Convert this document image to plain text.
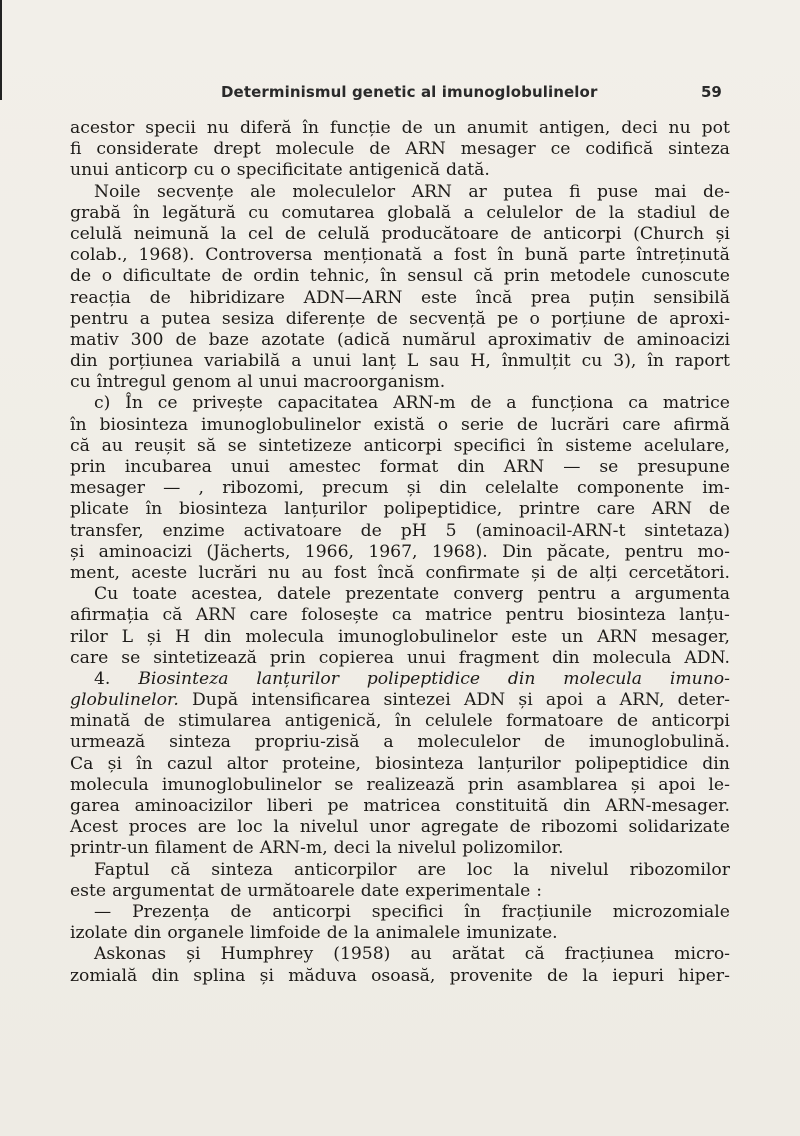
Determinismul genetic al imunoglobulinelor	59
acestor specii nu diferă în funcție de un anumit antigen, deci nu pot
fi considerate drept molecule de ARN mesager ce codifică sinteza
unui anticorp cu o specificitate antigenică dată.
Noile secvențe ale moleculelor ARN ar putea fi puse mai de-
grabă în legătură cu comutarea globală a celulelor de la stadiul de
celulă neimună la cel de celulă producătoare de anticorpi (Church și
colab., 1968). Controversa menționată a fost în bună parte întreținută
de o dificultate de ordin tehnic, în sensul că prin metodele cunoscute
reacția de hibridizare ADN—ARN este încă prea puțin sensibilă
pentru a putea sesiza diferențe de secvență pe o porțiune de aproxi-
mativ 300 de baze azotate (adică numărul aproximativ de aminoacizi
din porțiunea variabilă a unui lanț L sau H, înmulțit cu 3), în raport
cu întregul genom al unui macroorganism.
c) În ce privește capacitatea ARN-m de a funcționa ca matrice
în biosinteza imunoglobulinelor există o serie de lucrări care afirmă
că au reușit să se sintetizeze anticorpi specifici în sisteme acelulare,
prin incubarea unui amestec format din ARN — se presupune
mesager — , ribozomi, precum și din celelalte componente im-
plicate în biosinteza lanțurilor polipeptidice, printre care ARN de
transfer, enzime activatoare de pH 5 (aminoacil-ARN-t sintetaza)
și aminoacizi (Jächerts, 1966, 1967, 1968). Din păcate, pentru mo-
ment, aceste lucrări nu au fost încă confirmate și de alți cercetători.
Cu toate acestea, datele prezentate converg pentru a argumenta
afirmația că ARN care folosește ca matrice pentru biosinteza lanțu-
rilor L și H din molecula imunoglobulinelor este un ARN mesager,
care se sintetizează prin copierea unui fragment din molecula ADN.
4. Biosinteza lanțurilor polipeptidice din molecula imuno-
globulinelor. După intensificarea sintezei ADN și apoi a ARN, deter-
minată de stimularea antigenică, în celulele formatoare de anticorpi
urmează sinteza propriu-zisă a moleculelor de imunoglobulină.
Ca și în cazul altor proteine, biosinteza lanțurilor polipeptidice din
molecula imunoglobulinelor se realizează prin asamblarea și apoi le-
garea aminoacizilor liberi pe matricea constituită din ARN-mesager.
Acest proces are loc la nivelul unor agregate de ribozomi solidarizate
printr-un filament de ARN-m, deci la nivelul polizomilor.
Faptul că sinteza anticorpilor are loc la nivelul ribozomilor
este argumentat de următoarele date experimentale :
— Prezența de anticorpi specifici în fracțiunile microzomiale
izolate din organele limfoide de la animalele imunizate.
Askonas și Humphrey (1958) au arătat că fracțiunea micro-
zomială din splina și măduva osoasă, provenite de la iepuri hiper-
